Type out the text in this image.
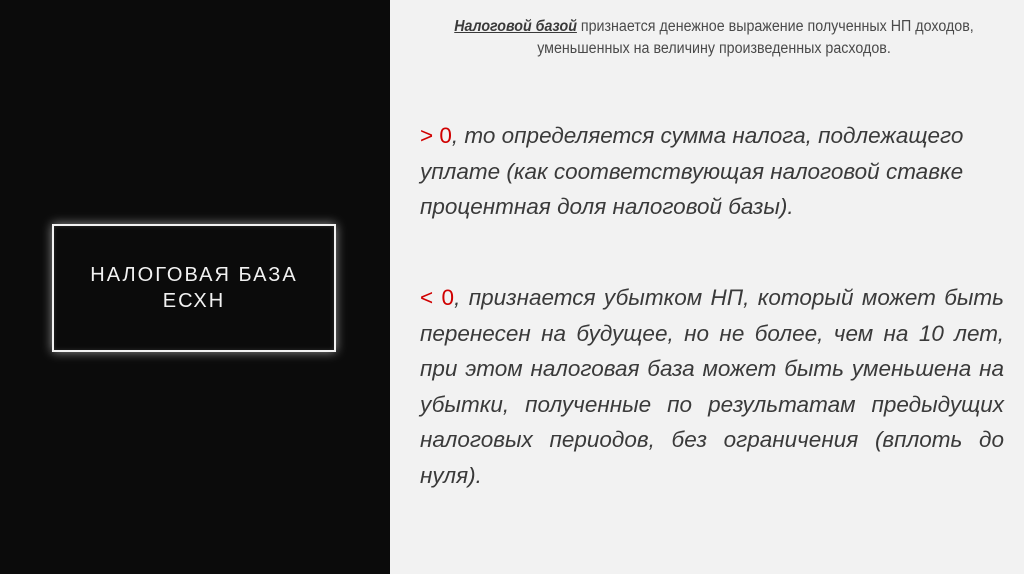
НАЛОГОВАЯ БАЗА
ЕСХН
Налоговой базой признается денежное выражение полученных НП доходов, уменьшенных на величину произведенных расходов.
> 0, то определяется сумма налога, подлежащего уплате (как соответствующая налоговой ставке процентная доля налоговой базы).
< 0, признается убытком НП, который может быть перенесен на будущее, но не более, чем на 10 лет, при этом налоговая база может быть уменьшена на убытки, полученные по результатам предыдущих налоговых периодов, без ограничения (вплоть до нуля).
